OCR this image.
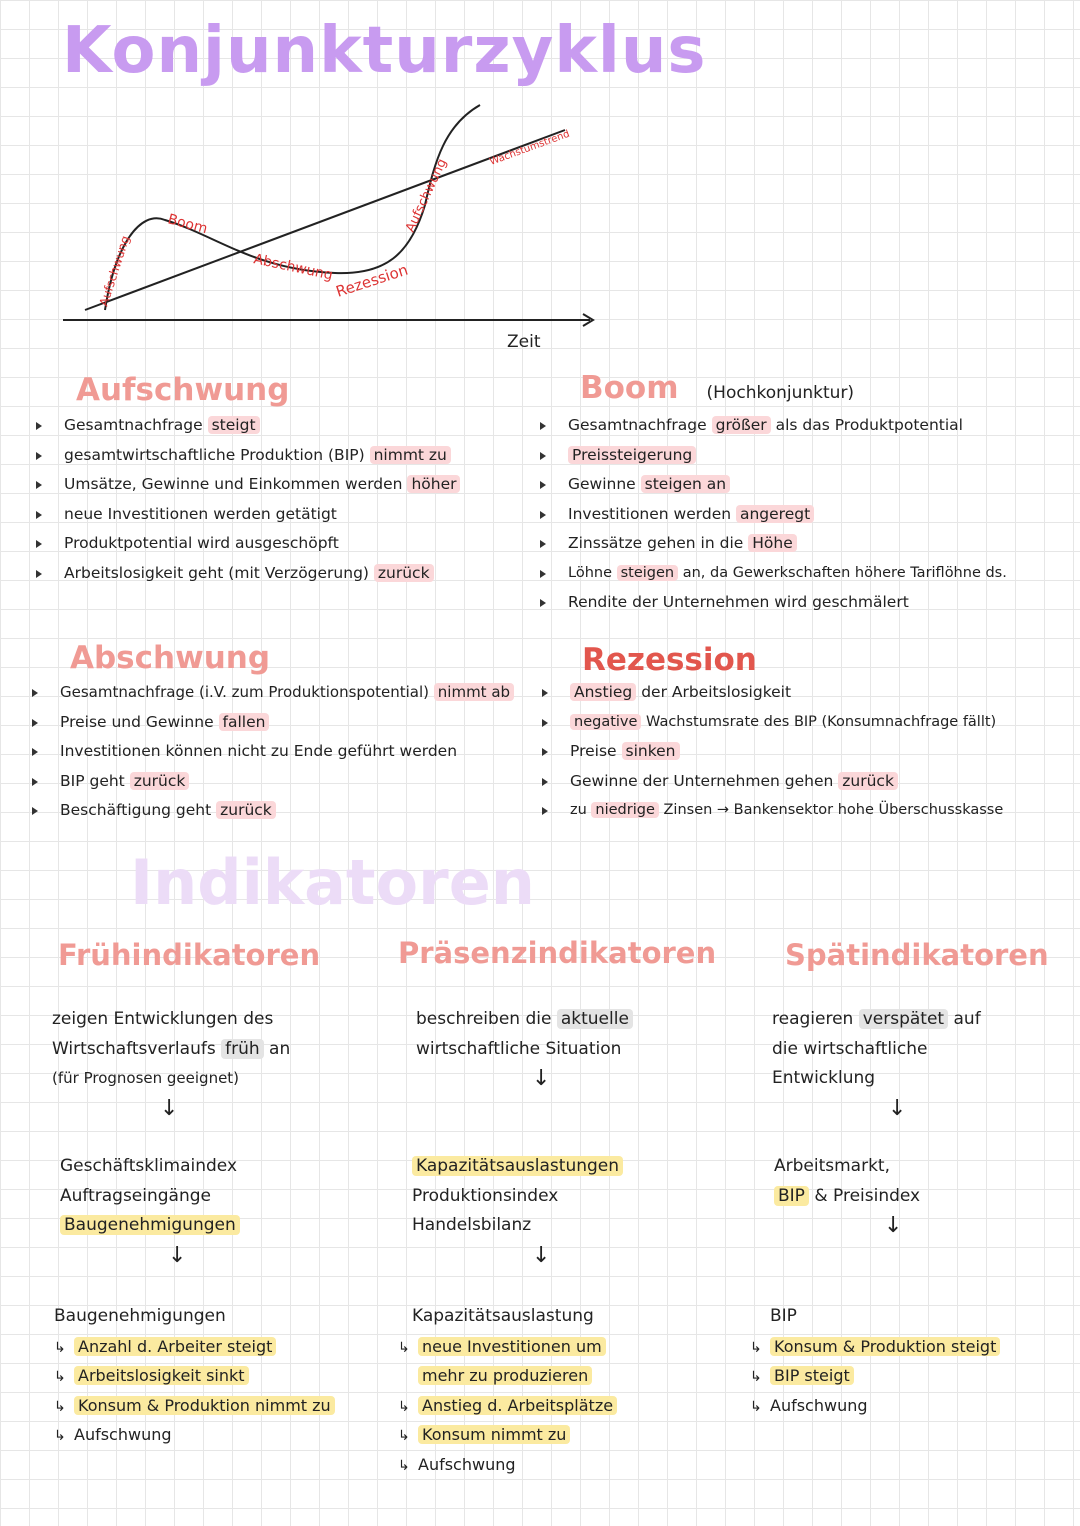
Konjunkturzyklus
Aufschwung
Boom
Abschwung Rezession
Aufschwung
Wachstumstrend
Zeit
Aufschwung
Gesamtnachfrage steigt
gesamtwirtschaftliche Produktion (BIP) nimmt zu
Umsätze, Gewinne und Einkommen werden höher
neue Investitionen werden getätigt
Produktpotential wird ausgeschöpft
Arbeitslosigkeit geht (mit Verzögerung) zurück
Boom (Hochkonjunktur)
Gesamtnachfrage größer als das Produktpotential
Preissteigerung
Gewinne steigen an
Investitionen werden angeregt
Zinssätze gehen in die Höhe
Löhne steigen an, da Gewerkschaften höhere Tariflöhne ds.
Rendite der Unternehmen wird geschmälert
Abschwung
Gesamtnachfrage (i.V. zum Produktionspotential) nimmt ab
Preise und Gewinne fallen
Investitionen können nicht zu Ende geführt werden
BIP geht zurück
Beschäftigung geht zurück
Rezession
Anstieg der Arbeitslosigkeit
negative Wachstumsrate des BIP (Konsumnachfrage fällt)
Preise sinken
Gewinne der Unternehmen gehen zurück
zu niedrige Zinsen → Bankensektor hohe Überschusskasse
Indikatoren
Frühindikatoren	Präsenzindikatoren Spätindikatoren
zeigen Entwicklungen des
Wirtschaftsverlaufs früh an
(für Prognosen geeignet)
↓
Geschäftsklimaindex
Auftragseingänge
Baugenehmigungen
↓
Baugenehmigungen
↳ Anzahl d. Arbeiter steigt
↳ Arbeitslosigkeit sinkt
↳ Konsum & Produktion nimmt zu
↳ Aufschwung
beschreiben die aktuelle
wirtschaftliche Situation
↓
Kapazitätsauslastungen
Produktionsindex
Handelsbilanz
↓
Kapazitätsauslastung
↳ neue Investitionen um
mehr zu produzieren
↳ Anstieg d. Arbeitsplätze
↳ Konsum nimmt zu
↳ Aufschwung
reagieren verspätet auf
die wirtschaftliche
Entwicklung
↓
Arbeitsmarkt,
BIP & Preisindex
↓
BIP
↳ Konsum & Produktion steigt
↳ BIP steigt
↳ Aufschwung
